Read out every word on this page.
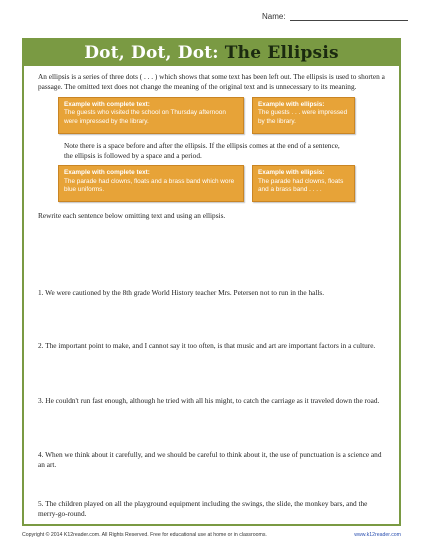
Name:
Dot, Dot, Dot: The Ellipsis

An ellipsis is a series of three dots ( . . . ) which shows that some text has been left out. The ellipsis is used to shorten a passage. The omitted text does not change the meaning of the original text and is unnecessary to its meaning.

Example with complete text:
The guests who visited the school on Thursday afternoon were impressed by the library.
Example with ellipsis:
The guests . . . were impressed by the library.

Note there is a space before and after the ellipsis. If the ellipsis comes at the end of a sentence, the ellipsis is followed by a space and a period.

Example with complete text:
The parade had clowns, floats and a brass band which wore blue uniforms.
Example with ellipsis:
The parade had clowns, floats and a brass band . . . .

Rewrite each sentence below omitting text and using an ellipsis.

1. We were cautioned by the 8th grade World History teacher Mrs. Petersen not to run in the halls.

2. The important point to make, and I cannot say it too often, is that music and art are important factors in a culture.

3. He couldn't run fast enough, although he tried with all his might, to catch the carriage as it traveled down the road.

4. When we think about it carefully, and we should be careful to think about it, the use of punctuation is a science and an art.

5. The children played on all the playground equipment including the swings, the slide, the monkey bars, and the merry-go-round.

Copyright © 2014 K12reader.com. All Rights Reserved. Free for educational use at home or in classrooms.	www.k12reader.com
